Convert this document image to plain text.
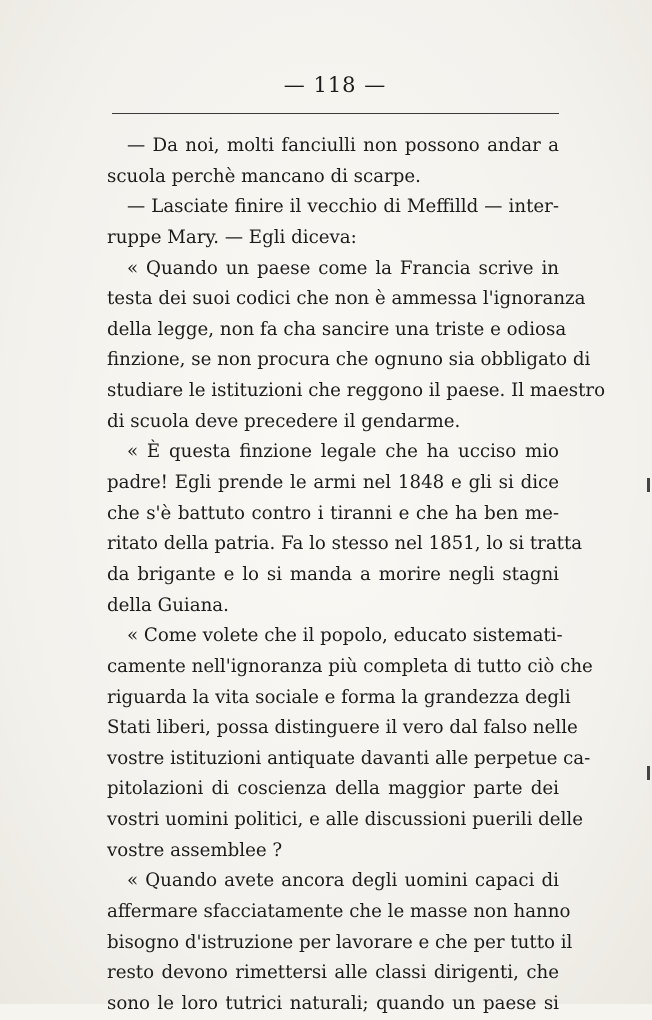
— 118 —
— Da noi, molti fanciulli non possono andar a
scuola perchè mancano di scarpe.
— Lasciate finire il vecchio di Meffilld — inter-
ruppe Mary. — Egli diceva:
« Quando un paese come la Francia scrive in
testa dei suoi codici che non è ammessa l'ignoranza
della legge, non fa cha sancire una triste e odiosa
finzione, se non procura che ognuno sia obbligato di
studiare le istituzioni che reggono il paese. Il maestro
di scuola deve precedere il gendarme.
« È questa finzione legale che ha ucciso mio
padre! Egli prende le armi nel 1848 e gli si dice
che s'è battuto contro i tiranni e che ha ben me-
ritato della patria. Fa lo stesso nel 1851, lo si tratta
da brigante e lo si manda a morire negli stagni
della Guiana.
« Come volete che il popolo, educato sistemati-
camente nell'ignoranza più completa di tutto ciò che
riguarda la vita sociale e forma la grandezza degli
Stati liberi, possa distinguere il vero dal falso nelle
vostre istituzioni antiquate davanti alle perpetue ca-
pitolazioni di coscienza della maggior parte dei
vostri uomini politici, e alle discussioni puerili delle
vostre assemblee ?
« Quando avete ancora degli uomini capaci di
affermare sfacciatamente che le masse non hanno
bisogno d'istruzione per lavorare e che per tutto il
resto devono rimettersi alle classi dirigenti, che
sono le loro tutrici naturali; quando un paese si
